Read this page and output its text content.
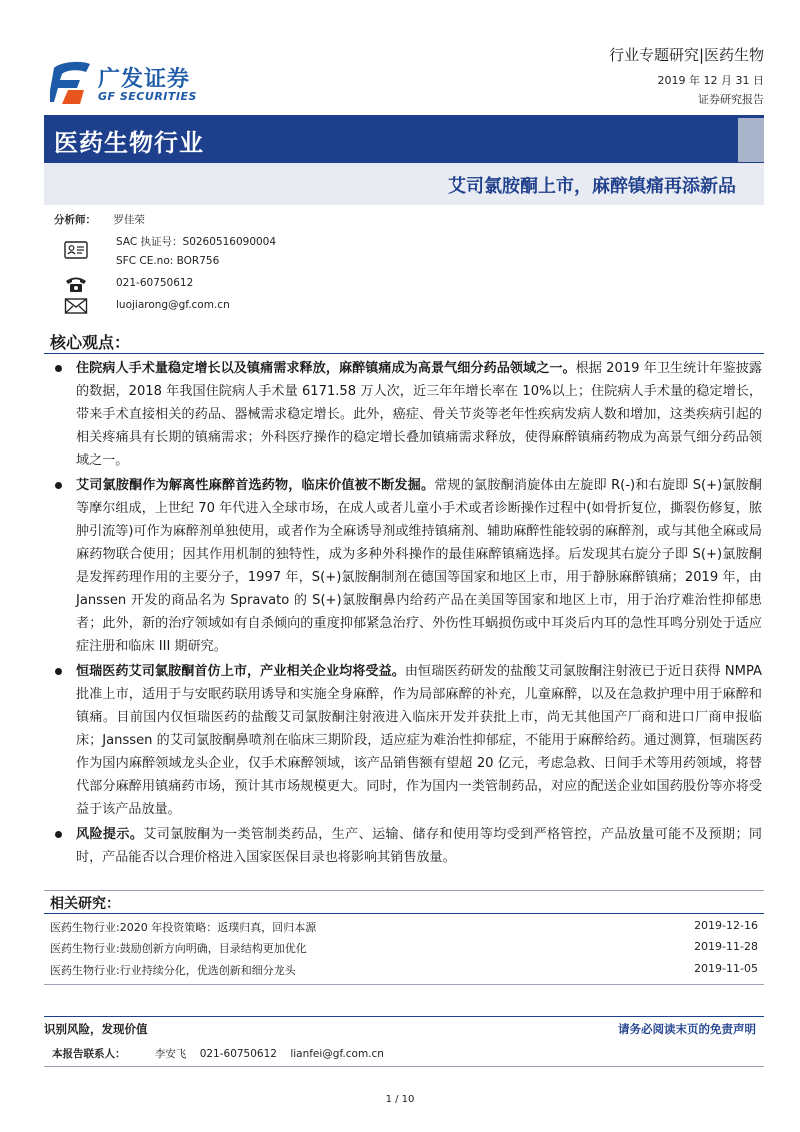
广发证券
GF SECURITIES
行业专题研究|医药生物
2019 年 12 月 31 日
证券研究报告
医药生物行业
艾司氯胺酮上市，麻醉镇痛再添新品
分析师： 罗佳荣
SAC 执证号：S0260516090004
SFC CE.no: BOR756
021-60750612
luojiarong@gf.com.cn
核心观点：
住院病人手术量稳定增长以及镇痛需求释放，麻醉镇痛成为高景气细分药品领域之一。根据 2019 年卫生统计年鉴披露的数据，2018 年我国住院病人手术量 6171.58 万人次，近三年年增长率在 10%以上；住院病人手术量的稳定增长，带来手术直接相关的药品、器械需求稳定增长。此外，癌症、骨关节炎等老年性疾病发病人数和增加，这类疾病引起的相关疼痛具有长期的镇痛需求；外科医疗操作的稳定增长叠加镇痛需求释放，使得麻醉镇痛药物成为高景气细分药品领域之一。
艾司氯胺酮作为解离性麻醉首选药物，临床价值被不断发掘。常规的氯胺酮消旋体由左旋即 R(-)和右旋即 S(+)氯胺酮等摩尔组成，上世纪 70 年代进入全球市场，在成人或者儿童小手术或者诊断操作过程中(如骨折复位，撕裂伤修复，脓肿引流等)可作为麻醉剂单独使用，或者作为全麻诱导剂或维持镇痛剂、辅助麻醉性能较弱的麻醉剂，或与其他全麻或局麻药物联合使用；因其作用机制的独特性，成为多种外科操作的最佳麻醉镇痛选择。后发现其右旋分子即 S(+)氯胺酮是发挥药理作用的主要分子，1997 年，S(+)氯胺酮制剂在德国等国家和地区上市，用于静脉麻醉镇痛；2019 年，由 Janssen 开发的商品名为 Spravato 的 S(+)氯胺酮鼻内给药产品在美国等国家和地区上市，用于治疗难治性抑郁患者；此外，新的治疗领域如有自杀倾向的重度抑郁紧急治疗、外伤性耳蜗损伤或中耳炎后内耳的急性耳鸣分别处于适应症注册和临床 III 期研究。
恒瑞医药艾司氯胺酮首仿上市，产业相关企业均将受益。由恒瑞医药研发的盐酸艾司氯胺酮注射液已于近日获得 NMPA 批准上市，适用于与安眠药联用诱导和实施全身麻醉，作为局部麻醉的补充，儿童麻醉，以及在急救护理中用于麻醉和镇痛。目前国内仅恒瑞医药的盐酸艾司氯胺酮注射液进入临床开发并获批上市，尚无其他国产厂商和进口厂商申报临床；Janssen 的艾司氯胺酮鼻喷剂在临床三期阶段，适应症为难治性抑郁症，不能用于麻醉给药。通过测算，恒瑞医药作为国内麻醉领域龙头企业，仅手术麻醉领域，该产品销售额有望超 20 亿元，考虑急救、日间手术等用药领域，将替代部分麻醉用镇痛药市场，预计其市场规模更大。同时，作为国内一类管制药品，对应的配送企业如国药股份等亦将受益于该产品放量。
风险提示。艾司氯胺酮为一类管制类药品，生产、运输、储存和使用等均受到严格管控，产品放量可能不及预期；同时，产品能否以合理价格进入国家医保目录也将影响其销售放量。
相关研究：
医药生物行业:2020 年投资策略：返璞归真，回归本源	2019-12-16
医药生物行业:鼓励创新方向明确，目录结构更加优化	2019-11-28
医药生物行业:行业持续分化，优选创新和细分龙头	2019-11-05
识别风险，发现价值	请务必阅读末页的免责声明
本报告联系人：	李安飞 021-60750612 lianfei@gf.com.cn
1 / 10
